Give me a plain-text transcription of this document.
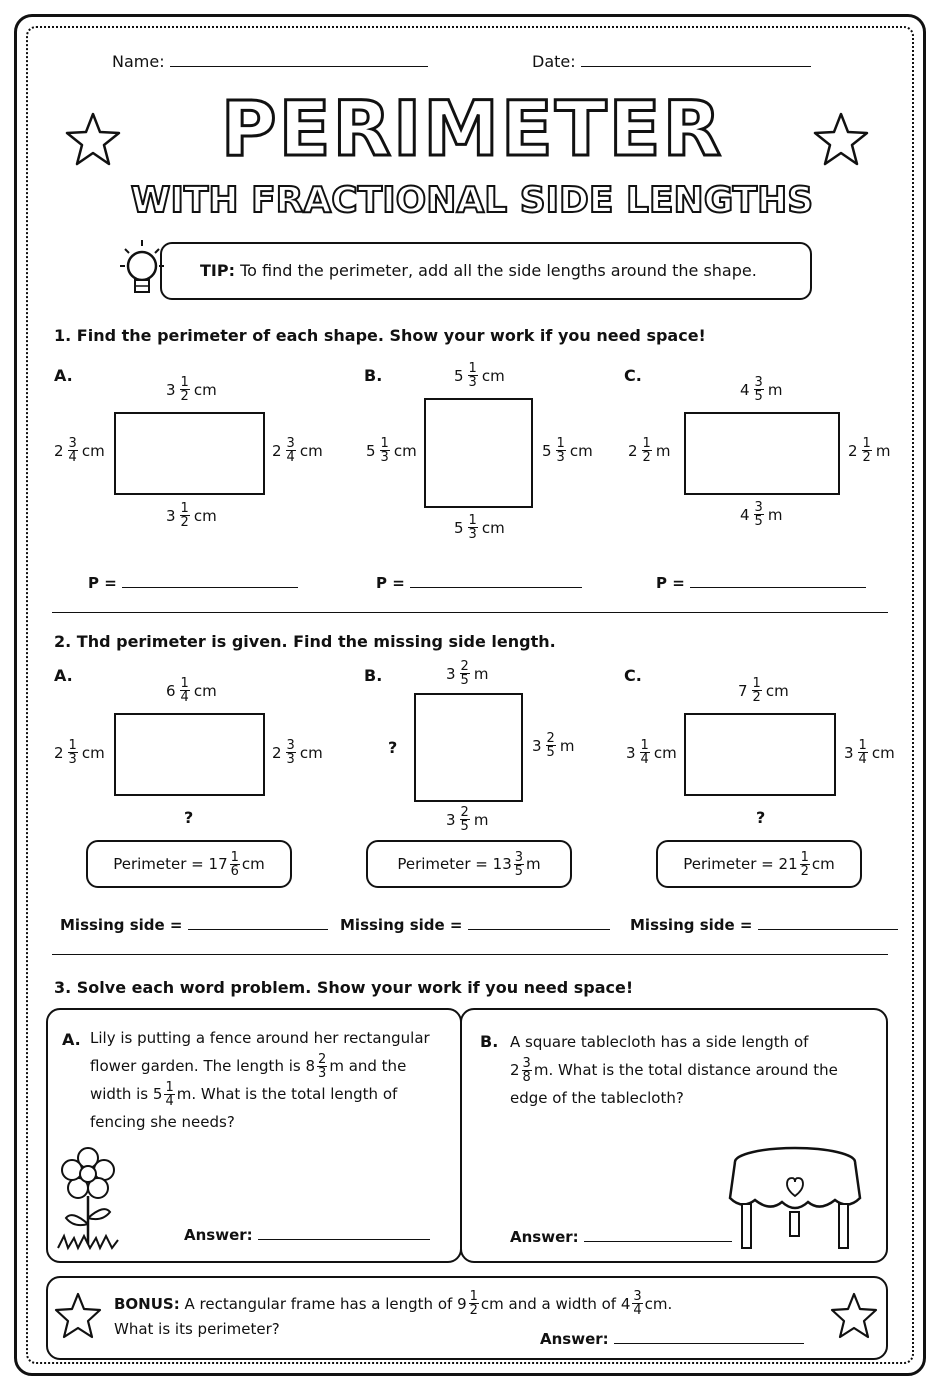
Name:	Date:
PERIMETER
WITH FRACTIONAL SIDE LENGTHS
TIP: To find the perimeter, add all the side lengths around the shape.
1. Find the perimeter of each shape. Show your work if you need space!
A.	B.	C.
$3 \frac{1}{2}$ cm
$3 \frac{1}{2}$ cm
$2 \frac{3}{4}$ cm	$2 \frac{3}{4}$ cm
$5 \frac{1}{3}$ cm
$5 \frac{1}{3}$ cm
$5 \frac{1}{3}$ cm	$5 \frac{1}{3}$ cm
$4 \frac{3}{5}$ m
$4 \frac{3}{5}$ m
$2 \frac{1}{2}$ m	$2 \frac{1}{2}$ m
P =	P =	P =
2. Thd perimeter is given. Find the missing side length.
A.	B.	C.
$6 \frac{1}{4}$ cm
$2 \frac{1}{3}$ cm	$2 \frac{3}{3}$ cm
?
$3 \frac{2}{5}$ m
$3 \frac{2}{5}$ m
$3 \frac{2}{5}$ m
?
$7 \frac{1}{2}$ cm
$3 \frac{1}{4}$ cm	$3 \frac{1}{4}$ cm
?
Perimeter =
$17 \frac{1}{6}$ cm	Perimeter =
$13 \frac{3}{5}$ m	Perimeter =
$21 \frac{1}{2}$ cm
Missing side =	Missing side =	Missing side =
3. Solve each word problem. Show your work if you need space!
A. Lily is putting a fence around her rectangular
flower garden. The length is
$8 \frac{2}{3}$ m and the
width is
$5 \frac{1}{4} m$. What is the total length of
fencing she needs?
Answer:
B. A square tablecloth has a side length of
$2 \frac{3}{8} m$. What is the total distance around the
edge of the tablecloth?
Answer:
BONUS:
A rectangular frame has a length of
$9 \frac{1}{2}$ cm and a width of
$4 \frac{3}{4}$ cm.
What is its perimeter?
Answer:
